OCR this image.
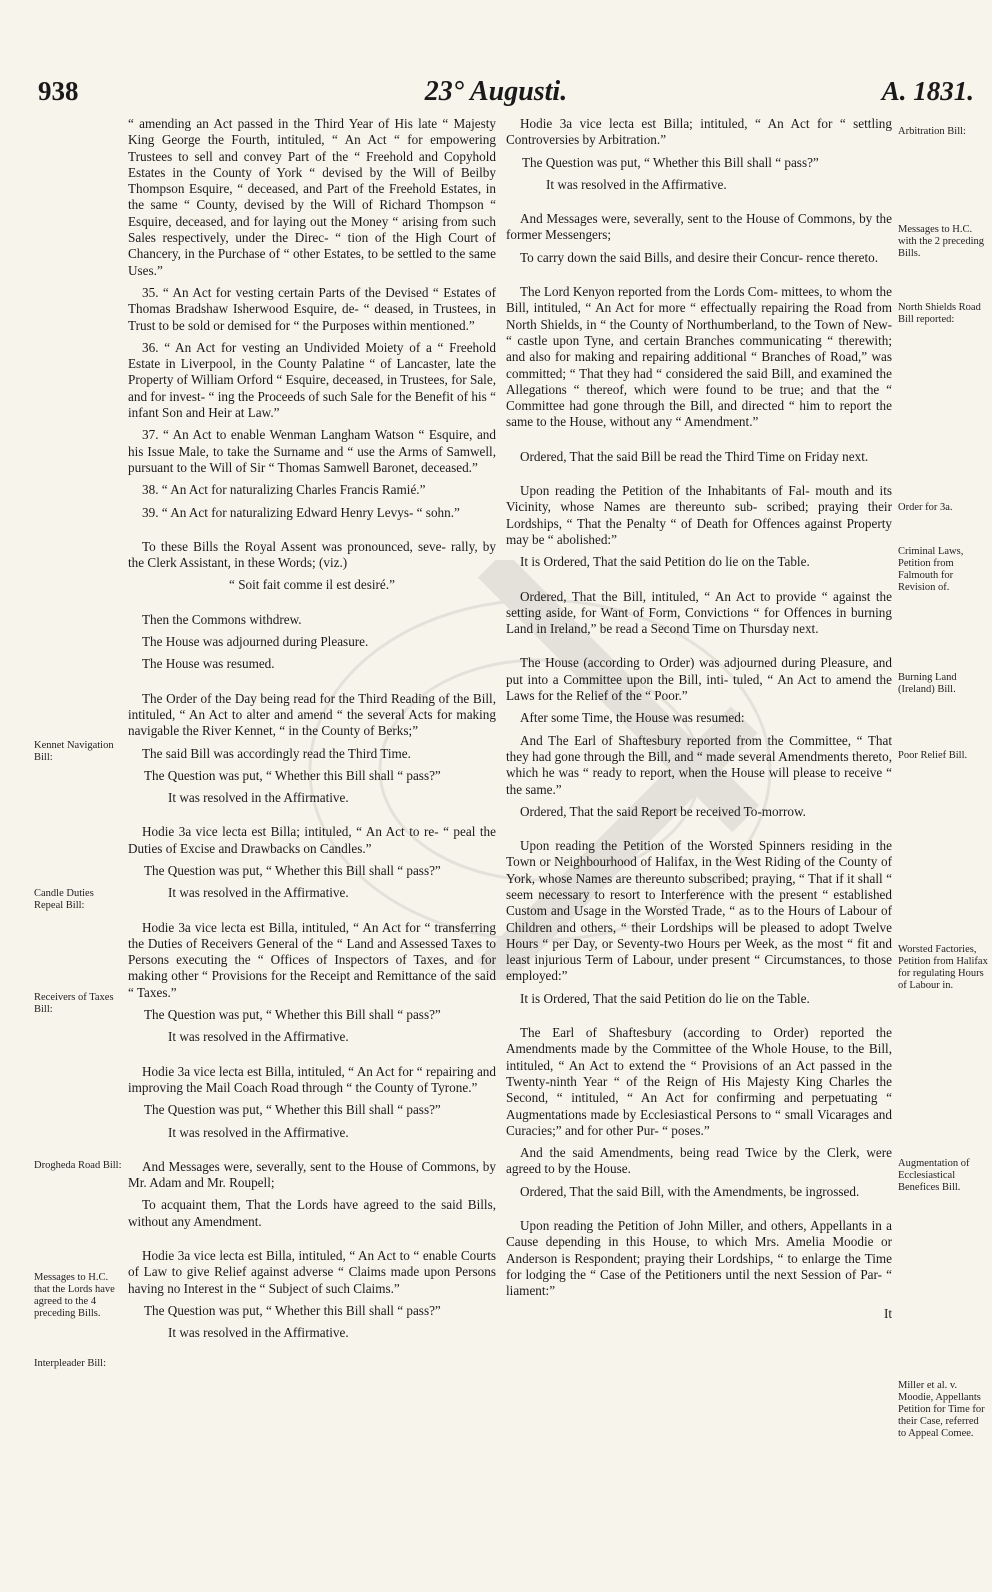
938	23° Augusti.	A. 1831.

“ amending an Act passed in the Third Year of His late “ Majesty King George the Fourth, intituled, “ An Act “ for empowering Trustees to sell and convey Part of the “ Freehold and Copyhold Estates in the County of York “ devised by the Will of Beilby Thompson Esquire, “ deceased, and Part of the Freehold Estates, in the same “ County, devised by the Will of Richard Thompson “ Esquire, deceased, and for laying out the Money “ arising from such Sales respectively, under the Direc- “ tion of the High Court of Chancery, in the Purchase of “ other Estates, to be settled to the same Uses.”

35. “ An Act for vesting certain Parts of the Devised “ Estates of Thomas Bradshaw Isherwood Esquire, de- “ deased, in Trustees, in Trust to be sold or demised for “ the Purposes within mentioned.”

36. “ An Act for vesting an Undivided Moiety of a “ Freehold Estate in Liverpool, in the County Palatine “ of Lancaster, late the Property of William Orford “ Esquire, deceased, in Trustees, for Sale, and for invest- “ ing the Proceeds of such Sale for the Benefit of his “ infant Son and Heir at Law.”

37. “ An Act to enable Wenman Langham Watson “ Esquire, and his Issue Male, to take the Surname and “ use the Arms of Samwell, pursuant to the Will of Sir “ Thomas Samwell Baronet, deceased.”

38. “ An Act for naturalizing Charles Francis Ramié.”

39. “ An Act for naturalizing Edward Henry Levys- “ sohn.”

To these Bills the Royal Assent was pronounced, seve- rally, by the Clerk Assistant, in these Words; (viz.)

“ Soit fait comme il est desiré.”

Then the Commons withdrew.

The House was adjourned during Pleasure.

The House was resumed.

The Order of the Day being read for the Third Reading of the Bill, intituled, “ An Act to alter and amend “ the several Acts for making navigable the River Kennet, “ in the County of Berks;”

The said Bill was accordingly read the Third Time.

The Question was put, “ Whether this Bill shall “ pass?”

It was resolved in the Affirmative.

Hodie 3a vice lecta est Billa; intituled, “ An Act to re- “ peal the Duties of Excise and Drawbacks on Candles.”

The Question was put, “ Whether this Bill shall “ pass?”

It was resolved in the Affirmative.

Hodie 3a vice lecta est Billa, intituled, “ An Act for “ transferring the Duties of Receivers General of the “ Land and Assessed Taxes to Persons executing the “ Offices of Inspectors of Taxes, and for making other “ Provisions for the Receipt and Remittance of the said “ Taxes.”

The Question was put, “ Whether this Bill shall “ pass?”

It was resolved in the Affirmative.

Hodie 3a vice lecta est Billa, intituled, “ An Act for “ repairing and improving the Mail Coach Road through “ the County of Tyrone.”

The Question was put, “ Whether this Bill shall “ pass?”

It was resolved in the Affirmative.

And Messages were, severally, sent to the House of Commons, by Mr. Adam and Mr. Roupell;

To acquaint them, That the Lords have agreed to the said Bills, without any Amendment.

Hodie 3a vice lecta est Billa, intituled, “ An Act to “ enable Courts of Law to give Relief against adverse “ Claims made upon Persons having no Interest in the “ Subject of such Claims.”

The Question was put, “ Whether this Bill shall “ pass?”

It was resolved in the Affirmative.

Hodie 3a vice lecta est Billa; intituled, “ An Act for “ settling Controversies by Arbitration.”

The Question was put, “ Whether this Bill shall “ pass?”

It was resolved in the Affirmative.

And Messages were, severally, sent to the House of Commons, by the former Messengers;

To carry down the said Bills, and desire their Concur- rence thereto.

The Lord Kenyon reported from the Lords Com- mittees, to whom the Bill, intituled, “ An Act for more “ effectually repairing the Road from North Shields, in “ the County of Northumberland, to the Town of New- “ castle upon Tyne, and certain Branches communicating “ therewith; and also for making and repairing additional “ Branches of Road,” was committed; “ That they had “ considered the said Bill, and examined the Allegations “ thereof, which were found to be true; and that the “ Committee had gone through the Bill, and directed “ him to report the same to the House, without any “ Amendment.”

Ordered, That the said Bill be read the Third Time on Friday next.

Upon reading the Petition of the Inhabitants of Fal- mouth and its Vicinity, whose Names are thereunto sub- scribed; praying their Lordships, “ That the Penalty “ of Death for Offences against Property may be “ abolished:”

It is Ordered, That the said Petition do lie on the Table.

Ordered, That the Bill, intituled, “ An Act to provide “ against the setting aside, for Want of Form, Convictions “ for Offences in burning Land in Ireland,” be read a Second Time on Thursday next.

The House (according to Order) was adjourned during Pleasure, and put into a Committee upon the Bill, inti- tuled, “ An Act to amend the Laws for the Relief of the “ Poor.”

After some Time, the House was resumed:

And The Earl of Shaftesbury reported from the Committee, “ That they had gone through the Bill, and “ made several Amendments thereto, which he was “ ready to report, when the House will please to receive “ the same.”

Ordered, That the said Report be received To-morrow.

Upon reading the Petition of the Worsted Spinners residing in the Town or Neighbourhood of Halifax, in the West Riding of the County of York, whose Names are thereunto subscribed; praying, “ That if it shall “ seem necessary to resort to Interference with the present “ established Custom and Usage in the Worsted Trade, “ as to the Hours of Labour of Children and others, “ their Lordships will be pleased to adopt Twelve Hours “ per Day, or Seventy-two Hours per Week, as the most “ fit and least injurious Term of Labour, under present “ Circumstances, to those employed:”

It is Ordered, That the said Petition do lie on the Table.

The Earl of Shaftesbury (according to Order) reported the Amendments made by the Committee of the Whole House, to the Bill, intituled, “ An Act to extend the “ Provisions of an Act passed in the Twenty-ninth Year “ of the Reign of His Majesty King Charles the Second, “ intituled, “ An Act for confirming and perpetuating “ Augmentations made by Ecclesiastical Persons to “ small Vicarages and Curacies;” and for other Pur- “ poses.”

And the said Amendments, being read Twice by the Clerk, were agreed to by the House.

Ordered, That the said Bill, with the Amendments, be ingrossed.

Upon reading the Petition of John Miller, and others, Appellants in a Cause depending in this House, to which Mrs. Amelia Moodie or Anderson is Respondent; praying their Lordships, “ to enlarge the Time for lodging the “ Case of the Petitioners until the next Session of Par- “ liament:”

It

Kennet Navigation Bill:
Candle Duties Repeal Bill:
Receivers of Taxes Bill:
Drogheda Road Bill:
Messages to H.C. that the Lords have agreed to the 4 preceding Bills.
Interpleader Bill:
Arbitration Bill:
Messages to H.C. with the 2 preceding Bills.
North Shields Road Bill reported:
Order for 3a.
Criminal Laws, Petition from Falmouth for Revision of.
Burning Land (Ireland) Bill.
Poor Relief Bill.
Worsted Factories, Petition from Halifax for regulating Hours of Labour in.
Augmentation of Ecclesiastical Benefices Bill.
Miller et al. v. Moodie, Appellants Petition for Time for their Case, referred to Appeal Comee.
